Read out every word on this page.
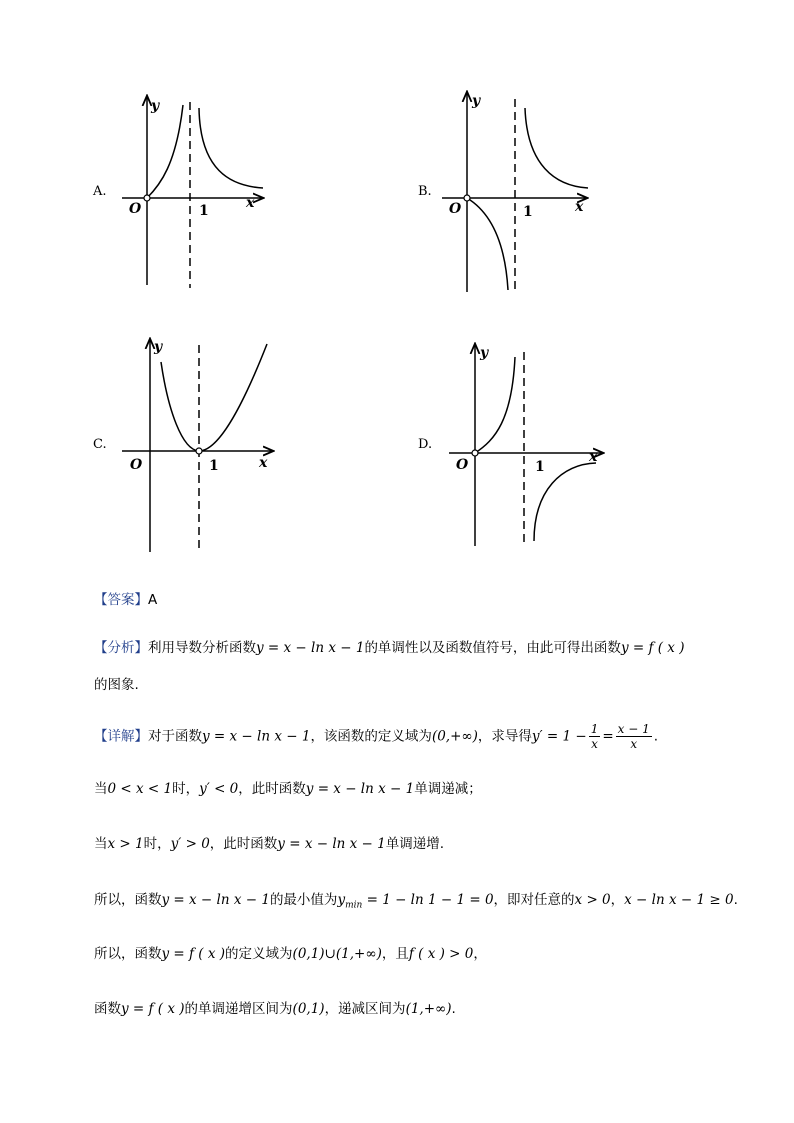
A.	B.
C.	D.
y
O	x
1
y
O	x
1
y
O	x
1
y
O	x
1
【答案】A
【分析】利用导数分析函数y = x − ln x − 1的单调性以及函数值符号，由此可得出函数y = f ( x )
的图象.
【详解】对于函数y = x − ln x − 1，该函数的定义域为(0,+∞)，求导得$y' = 1 - \frac{1}{x} = \frac{x - 1}{x}$ .
当0 < x < 1时，y′ < 0，此时函数y = x − ln x − 1单调递减；
当x > 1时，y′ > 0，此时函数y = x − ln x − 1单调递增.
所以，函数y = x − ln x − 1的最小值为$y_{min} = 1 - \ln 1 - 1 = 0$，即对任意的x > 0，x − ln x − 1 ≥ 0.
所以，函数y = f ( x )的定义域为(0,1)∪(1,+∞)，且f ( x ) > 0，
函数y = f ( x )的单调递增区间为(0,1)，递减区间为(1,+∞).
